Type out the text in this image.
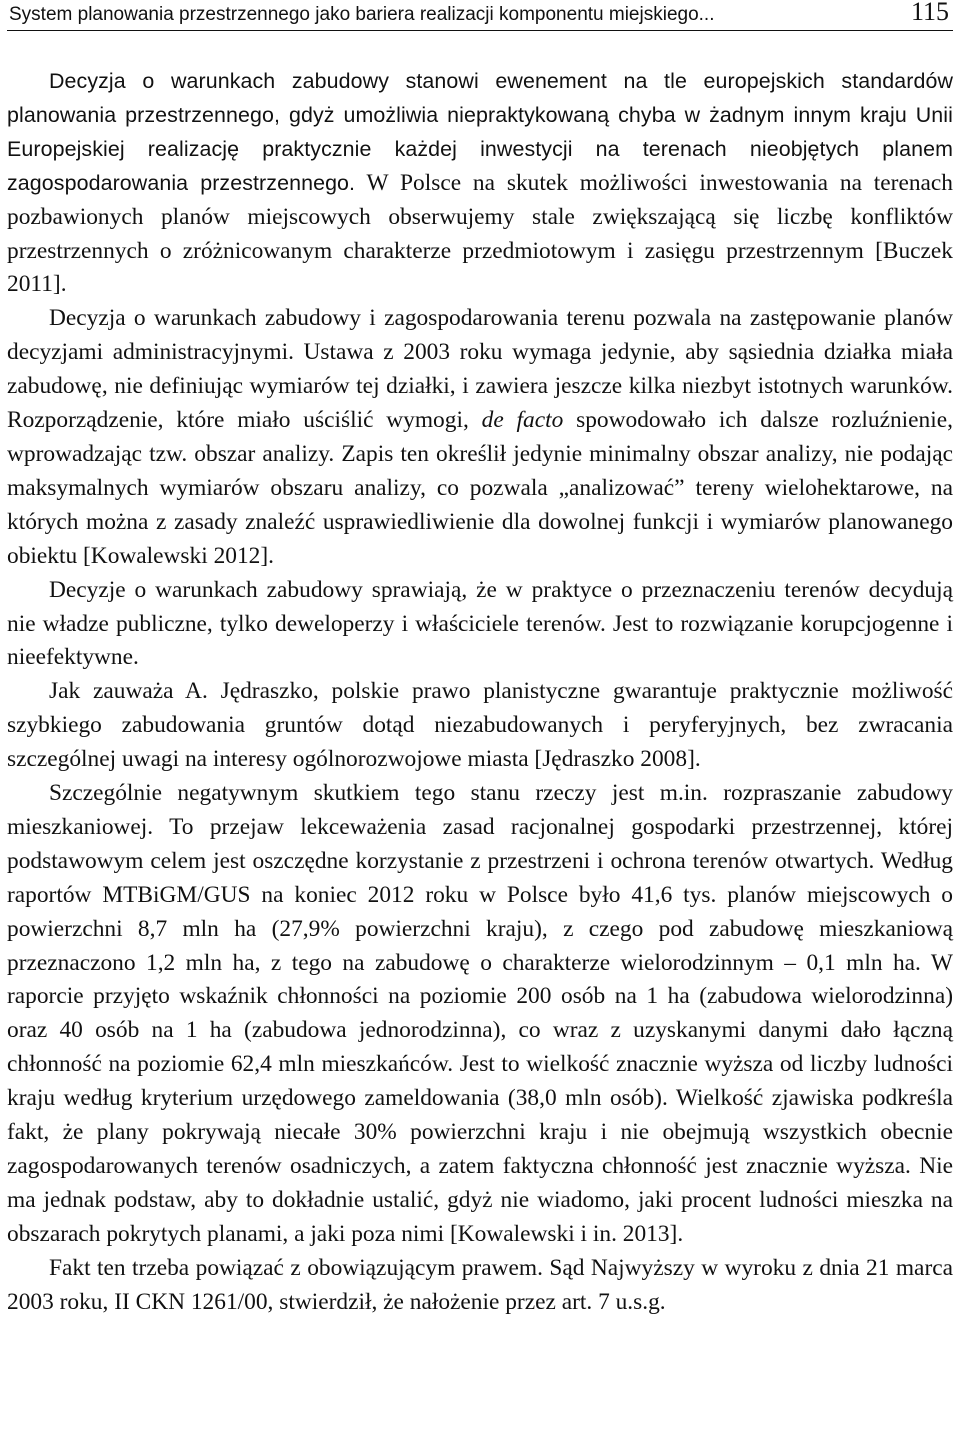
System planowania przestrzennego jako bariera realizacji komponentu miejskiego...	115

Decyzja o warunkach zabudowy stanowi ewenement na tle europejskich standardów planowania przestrzennego, gdyż umożliwia niepraktykowaną chyba w żadnym innym kraju Unii Europejskiej realizację praktycznie każdej inwestycji na terenach nieobjętych planem zagospodarowania przestrzennego. W Polsce na skutek możliwości inwestowania na terenach pozbawionych planów miejscowych obserwujemy stale zwiększającą się liczbę konfliktów przestrzennych o zróżnicowanym charakterze przedmiotowym i zasięgu przestrzennym [Buczek 2011].

Decyzja o warunkach zabudowy i zagospodarowania terenu pozwala na zastępowanie planów decyzjami administracyjnymi. Ustawa z 2003 roku wymaga jedynie, aby sąsiednia działka miała zabudowę, nie definiując wymiarów tej działki, i zawiera jeszcze kilka niezbyt istotnych warunków. Rozporządzenie, które miało uściślić wymogi, de facto spowodowało ich dalsze rozluźnienie, wprowadzając tzw. obszar analizy. Zapis ten określił jedynie minimalny obszar analizy, nie podając maksymalnych wymiarów obszaru analizy, co pozwala „analizować” tereny wielohektarowe, na których można z zasady znaleźć usprawiedliwienie dla dowolnej funkcji i wymiarów planowanego obiektu [Kowalewski 2012].

Decyzje o warunkach zabudowy sprawiają, że w praktyce o przeznaczeniu terenów decydują nie władze publiczne, tylko deweloperzy i właściciele terenów. Jest to rozwiązanie korupcjogenne i nieefektywne.

Jak zauważa A. Jędraszko, polskie prawo planistyczne gwarantuje praktycznie możliwość szybkiego zabudowania gruntów dotąd niezabudowanych i peryferyjnych, bez zwracania szczególnej uwagi na interesy ogólnorozwojowe miasta [Jędraszko 2008].

Szczególnie negatywnym skutkiem tego stanu rzeczy jest m.in. rozpraszanie zabudowy mieszkaniowej. To przejaw lekceważenia zasad racjonalnej gospodarki przestrzennej, której podstawowym celem jest oszczędne korzystanie z przestrzeni i ochrona terenów otwartych. Według raportów MTBiGM/GUS na koniec 2012 roku w Polsce było 41,6 tys. planów miejscowych o powierzchni 8,7 mln ha (27,9% powierzchni kraju), z czego pod zabudowę mieszkaniową przeznaczono 1,2 mln ha, z tego na zabudowę o charakterze wielorodzinnym – 0,1 mln ha. W raporcie przyjęto wskaźnik chłonności na poziomie 200 osób na 1 ha (zabudowa wielorodzinna) oraz 40 osób na 1 ha (zabudowa jednorodzinna), co wraz z uzyskanymi danymi dało łączną chłonność na poziomie 62,4 mln mieszkańców. Jest to wielkość znacznie wyższa od liczby ludności kraju według kryterium urzędowego zameldowania (38,0 mln osób). Wielkość zjawiska podkreśla fakt, że plany pokrywają niecałe 30% powierzchni kraju i nie obejmują wszystkich obecnie zagospodarowanych terenów osadniczych, a zatem faktyczna chłonność jest znacznie wyższa. Nie ma jednak podstaw, aby to dokładnie ustalić, gdyż nie wiadomo, jaki procent ludności mieszka na obszarach pokrytych planami, a jaki poza nimi [Kowalewski i in. 2013].

Fakt ten trzeba powiązać z obowiązującym prawem. Sąd Najwyższy w wyroku z dnia 21 marca 2003 roku, II CKN 1261/00, stwierdził, że nałożenie przez art. 7 u.s.g.
